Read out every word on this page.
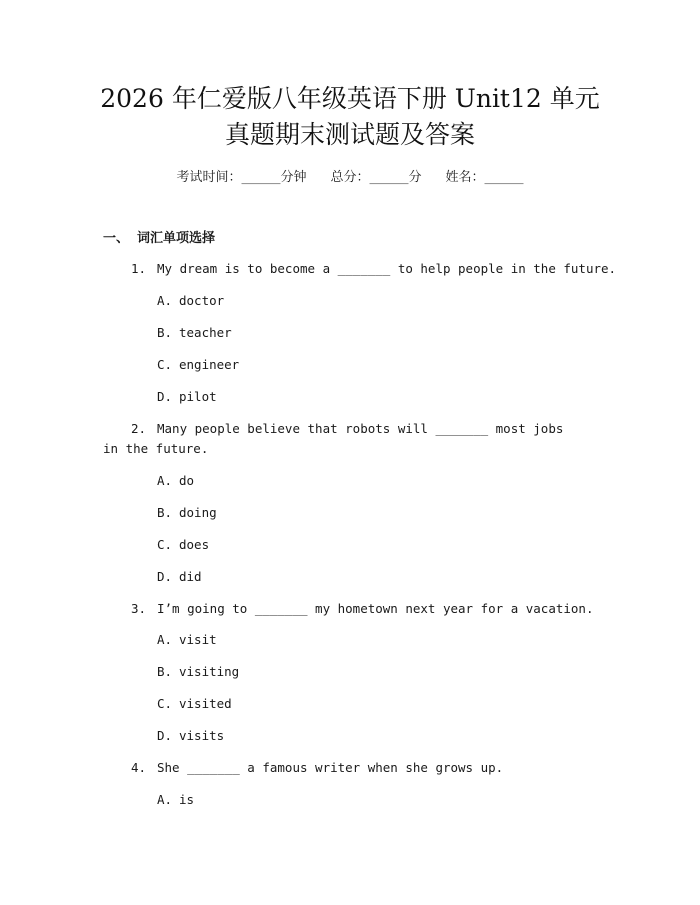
2026 年仁爱版八年级英语下册 Unit12 单元
真题期末测试题及答案
考试时间：______分钟 总分：______分 姓名：______
一、 词汇单项选择
1. My dream is to become a _______ to help people in the future.
A. doctor
B. teacher
C. engineer
D. pilot
2. Many people believe that robots will _______ most jobs in the future.
A. do
B. doing
C. does
D. did
3. I’m going to _______ my hometown next year for a vacation.
A. visit
B. visiting
C. visited
D. visits
4. She _______ a famous writer when she grows up.
A. is
